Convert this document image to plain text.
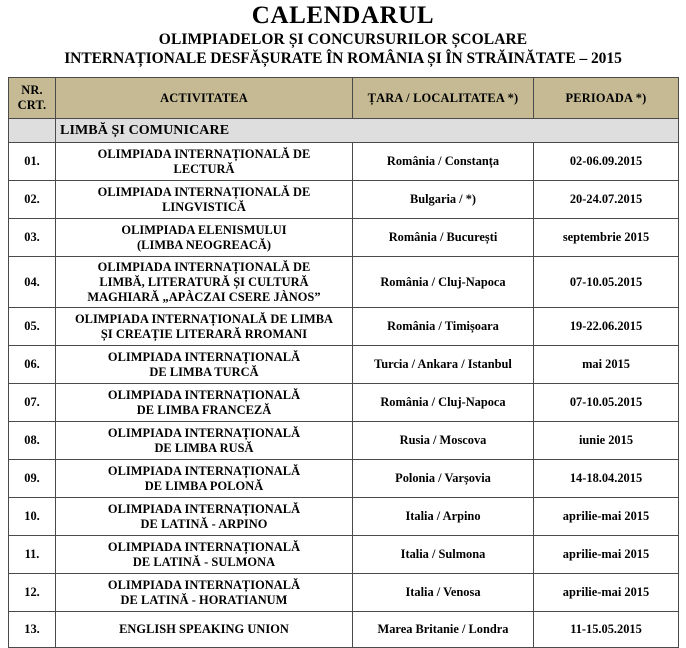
CALENDARUL
OLIMPIADELOR ȘI CONCURSURILOR ȘCOLARE
INTERNAȚIONALE DESFĂȘURATE ÎN ROMÂNIA ȘI ÎN STRĂINĂTATE – 2015
NR. CRT.	ACTIVITATEA	ȚARA / LOCALITATEA *)	PERIOADA *)
	LIMBĂ ȘI COMUNICARE		
01.	OLIMPIADA INTERNAȚIONALĂ DE
LECTURĂ	România / Constanța	02-06.09.2015
02.	OLIMPIADA INTERNAȚIONALĂ DE
LINGVISTICĂ	Bulgaria / *)	20-24.07.2015
03.	OLIMPIADA ELENISMULUI
(LIMBA NEOGREACĂ)	România / București	septembrie 2015
04.	OLIMPIADA INTERNAȚIONALĂ DE
LIMBĂ, LITERATURĂ ȘI CULTURĂ
MAGHIARĂ „APÀCZAI CSERE JÀNOS”	România / Cluj-Napoca	07-10.05.2015
05.	OLIMPIADA INTERNAȚIONALĂ DE LIMBA
ȘI CREAȚIE LITERARĂ RROMANI	România / Timișoara	19-22.06.2015
06.	OLIMPIADA INTERNAȚIONALĂ
DE LIMBA TURCĂ	Turcia / Ankara / Istanbul	mai 2015
07.	OLIMPIADA INTERNAȚIONALĂ
DE LIMBA FRANCEZĂ	România / Cluj-Napoca	07-10.05.2015
08.	OLIMPIADA INTERNAȚIONALĂ
DE LIMBA RUSĂ	Rusia / Moscova	iunie 2015
09.	OLIMPIADA INTERNAȚIONALĂ
DE LIMBA POLONĂ	Polonia / Varșovia	14-18.04.2015
10.	OLIMPIADA INTERNAȚIONALĂ
DE LATINĂ - ARPINO	Italia / Arpino	aprilie-mai 2015
11.	OLIMPIADA INTERNAȚIONALĂ
DE LATINĂ - SULMONA	Italia / Sulmona	aprilie-mai 2015
12.	OLIMPIADA INTERNAȚIONALĂ
DE LATINĂ - HORATIANUM	Italia / Venosa	aprilie-mai 2015
13.	ENGLISH SPEAKING UNION	Marea Britanie / Londra	11-15.05.2015
